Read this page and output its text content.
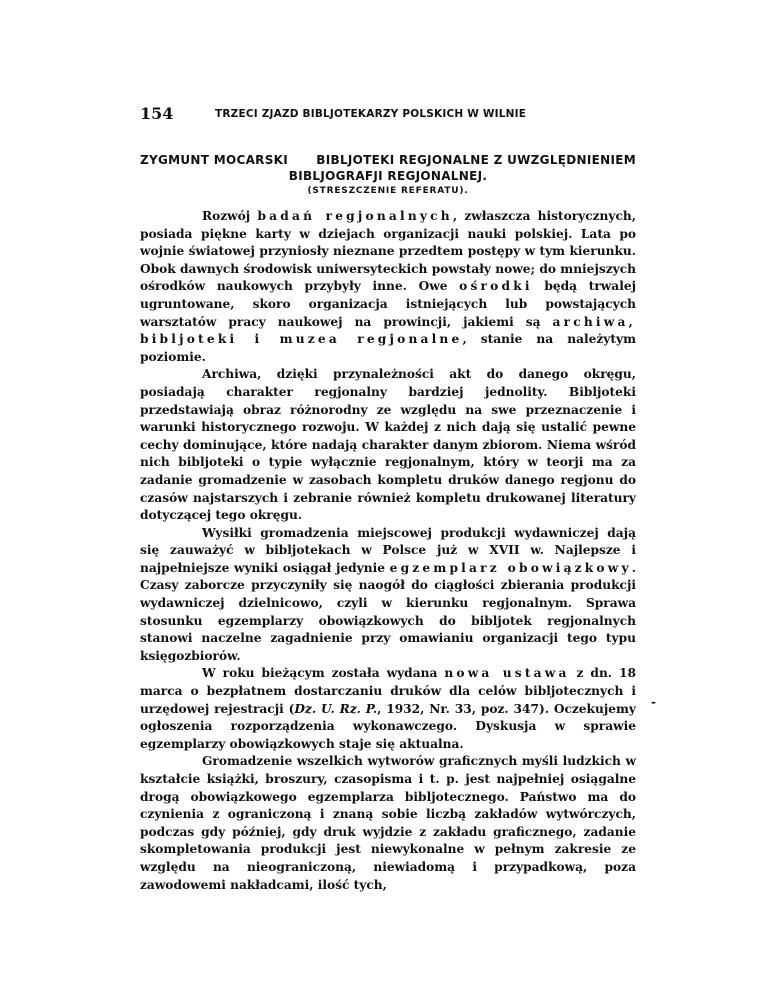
154	TRZECI ZJAZD BIBLJOTEKARZY POLSKICH W WILNIE
ZYGMUNT MOCARSKI BIBLJOTEKI REGJONALNE Z UWZGLĘDNIENIEM
BIBLJOGRAFJI REGJONALNEJ.
(STRESZCZENIE REFERATU).

Rozwój badań regjonalnych, zwłaszcza historycznych, posiada piękne karty w dziejach organizacji nauki polskiej. Lata po wojnie światowej przyniosły nieznane przedtem postępy w tym kierunku. Obok dawnych środowisk uniwersyteckich powstały nowe; do mniejszych ośrodków naukowych przybyły inne. Owe ośrodki będą trwalej ugruntowane, skoro organizacja istniejących lub powstających warsztatów pracy naukowej na prowincji, jakiemi są archiwa, bibljoteki i muzea regjonalne, stanie na należytym poziomie.

Archiwa, dzięki przynależności akt do danego okręgu, posiadają charakter regjonalny bardziej jednolity. Bibljoteki przedstawiają obraz różnorodny ze względu na swe przeznaczenie i warunki historycznego rozwoju. W każdej z nich dają się ustalić pewne cechy dominujące, które nadają charakter danym zbiorom. Niema wśród nich bibljoteki o typie wyłącznie regjonalnym, który w teorji ma za zadanie gromadzenie w zasobach kompletu druków danego regjonu do czasów najstarszych i zebranie również kompletu drukowanej literatury dotyczącej tego okręgu.

Wysiłki gromadzenia miejscowej produkcji wydawniczej dają się zauważyć w bibljotekach w Polsce już w XVII w. Najlepsze i najpełniejsze wyniki osiągał jedynie egzemplarz obowiązkowy. Czasy zaborcze przyczyniły się naogół do ciągłości zbierania produkcji wydawniczej dzielnicowo, czyli w kierunku regjonalnym. Sprawa stosunku egzemplarzy obowiązkowych do bibljotek regjonalnych stanowi naczelne zagadnienie przy omawianiu organizacji tego typu księgozbiorów.

W roku bieżącym została wydana nowa ustawa z dn. 18 marca o bezpłatnem dostarczaniu druków dla celów bibljotecznych i urzędowej rejestracji (Dz. U. Rz. P., 1932, Nr. 33, poz. 347). Oczekujemy ogłoszenia rozporządzenia wykonawczego. Dyskusja w sprawie egzemplarzy obowiązkowych staje się aktualna.

Gromadzenie wszelkich wytworów graficznych myśli ludzkich w kształcie książki, broszury, czasopisma i t. p. jest najpełniej osiągalne drogą obowiązkowego egzemplarza bibljotecznego. Państwo ma do czynienia z ograniczoną i znaną sobie liczbą zakładów wytwórczych, podczas gdy później, gdy druk wyjdzie z zakładu graficznego, zadanie skompletowania produkcji jest niewykonalne w pełnym zakresie ze względu na nieograniczoną, niewiadomą i przypadkową, poza zawodowemi nakładcami, ilość tych,

-
